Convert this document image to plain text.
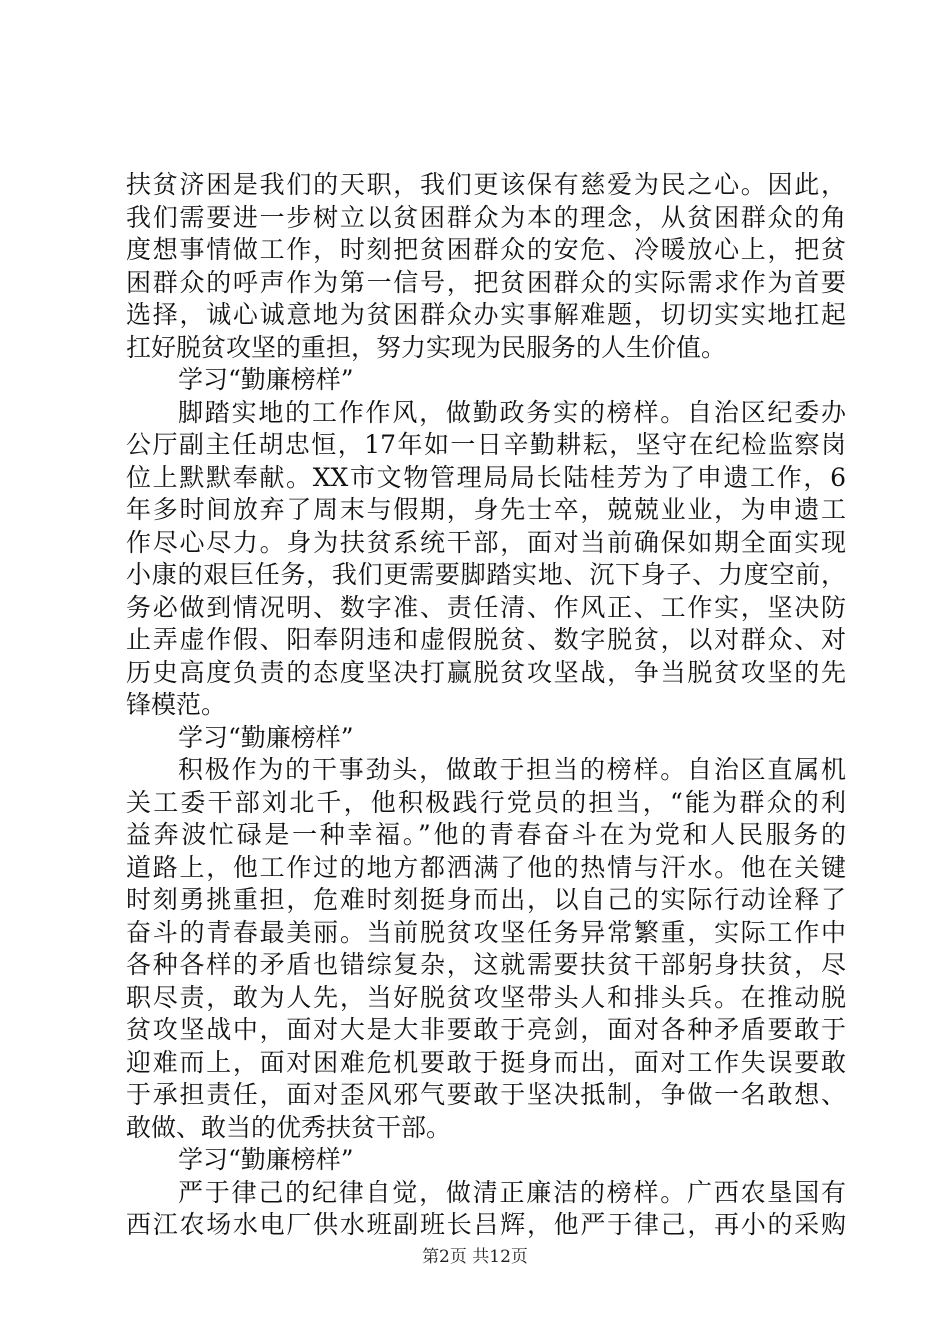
扶贫济困是我们的天职，我们更该保有慈爱为民之心。因此，
我们需要进一步树立以贫困群众为本的理念，从贫困群众的角
度想事情做工作，时刻把贫困群众的安危、冷暖放心上，把贫
困群众的呼声作为第一信号，把贫困群众的实际需求作为首要
选择，诚心诚意地为贫困群众办实事解难题，切切实实地扛起
扛好脱贫攻坚的重担，努力实现为民服务的人生价值。
学习“勤廉榜样”
脚踏实地的工作作风，做勤政务实的榜样。自治区纪委办
公厅副主任胡忠恒，17年如一日辛勤耕耘，坚守在纪检监察岗
位上默默奉献。XX市文物管理局局长陆桂芳为了申遗工作，6
年多时间放弃了周末与假期，身先士卒，兢兢业业，为申遗工
作尽心尽力。身为扶贫系统干部，面对当前确保如期全面实现
小康的艰巨任务，我们更需要脚踏实地、沉下身子、力度空前，
务必做到情况明、数字准、责任清、作风正、工作实，坚决防
止弄虚作假、阳奉阴违和虚假脱贫、数字脱贫，以对群众、对
历史高度负责的态度坚决打赢脱贫攻坚战，争当脱贫攻坚的先
锋模范。
学习“勤廉榜样”
积极作为的干事劲头，做敢于担当的榜样。自治区直属机
关工委干部刘北千，他积极践行党员的担当，“能为群众的利
益奔波忙碌是一种幸福。”他的青春奋斗在为党和人民服务的
道路上，他工作过的地方都洒满了他的热情与汗水。他在关键
时刻勇挑重担，危难时刻挺身而出，以自己的实际行动诠释了
奋斗的青春最美丽。当前脱贫攻坚任务异常繁重，实际工作中
各种各样的矛盾也错综复杂，这就需要扶贫干部躬身扶贫，尽
职尽责，敢为人先，当好脱贫攻坚带头人和排头兵。在推动脱
贫攻坚战中，面对大是大非要敢于亮剑，面对各种矛盾要敢于
迎难而上，面对困难危机要敢于挺身而出，面对工作失误要敢
于承担责任，面对歪风邪气要敢于坚决抵制，争做一名敢想、
敢做、敢当的优秀扶贫干部。
学习“勤廉榜样”
严于律己的纪律自觉，做清正廉洁的榜样。广西农垦国有
西江农场水电厂供水班副班长吕辉，他严于律己，再小的采购
第2页 共12页
